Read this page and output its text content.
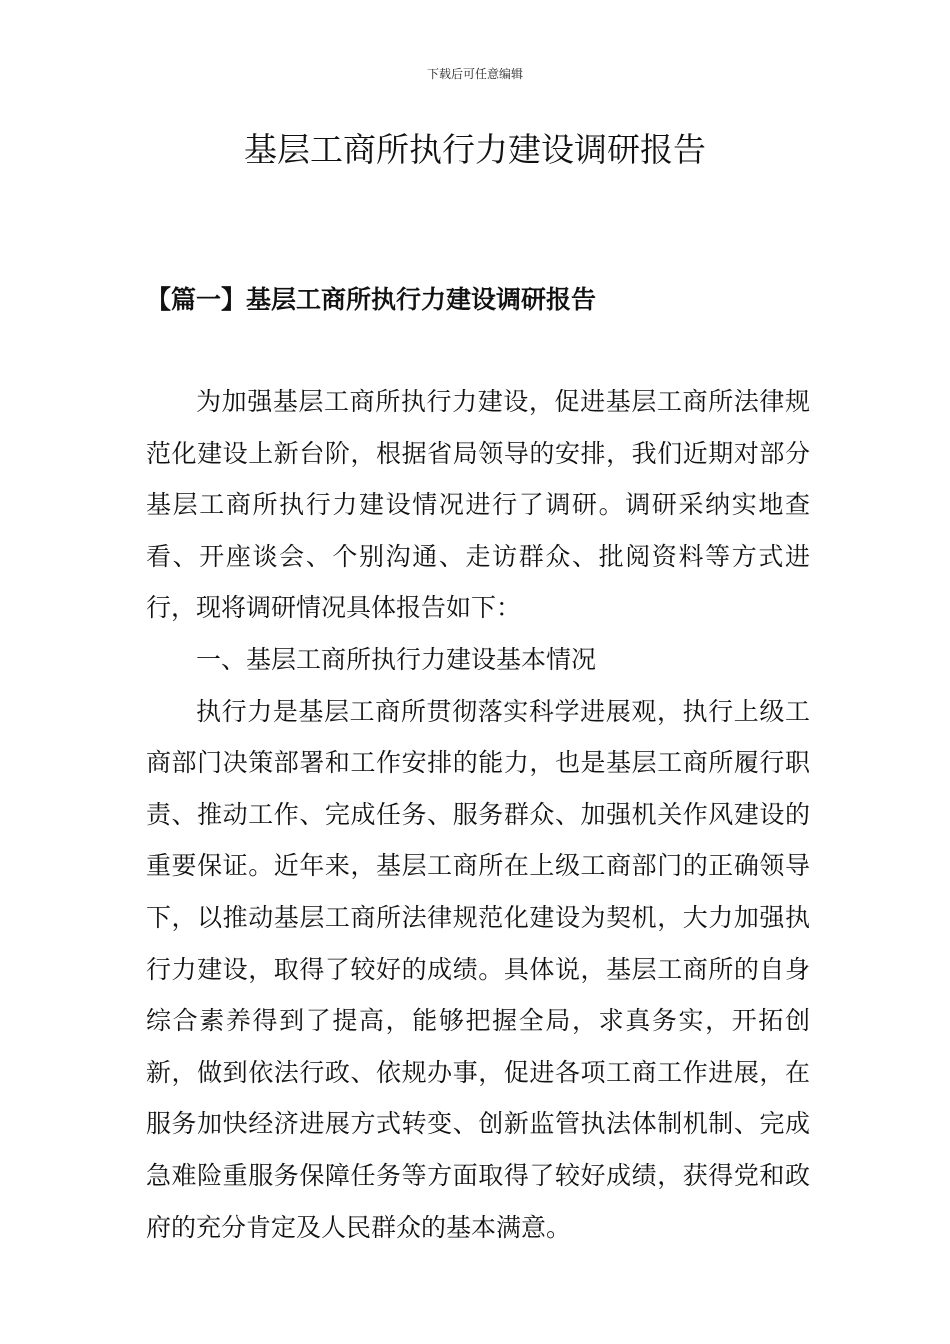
下载后可任意编辑
基层工商所执行力建设调研报告
【篇一】基层工商所执行力建设调研报告

为加强基层工商所执行力建设，促进基层工商所法律规范化建设上新台阶，根据省局领导的安排，我们近期对部分基层工商所执行力建设情况进行了调研。调研采纳实地查看、开座谈会、个别沟通、走访群众、批阅资料等方式进行，现将调研情况具体报告如下：

一、基层工商所执行力建设基本情况

执行力是基层工商所贯彻落实科学进展观，执行上级工商部门决策部署和工作安排的能力，也是基层工商所履行职责、推动工作、完成任务、服务群众、加强机关作风建设的重要保证。近年来，基层工商所在上级工商部门的正确领导下，以推动基层工商所法律规范化建设为契机，大力加强执行力建设，取得了较好的成绩。具体说，基层工商所的自身综合素养得到了提高，能够把握全局，求真务实，开拓创新，做到依法行政、依规办事，促进各项工商工作进展，在服务加快经济进展方式转变、创新监管执法体制机制、完成急难险重服务保障任务等方面取得了较好成绩，获得党和政府的充分肯定及人民群众的基本满意。
